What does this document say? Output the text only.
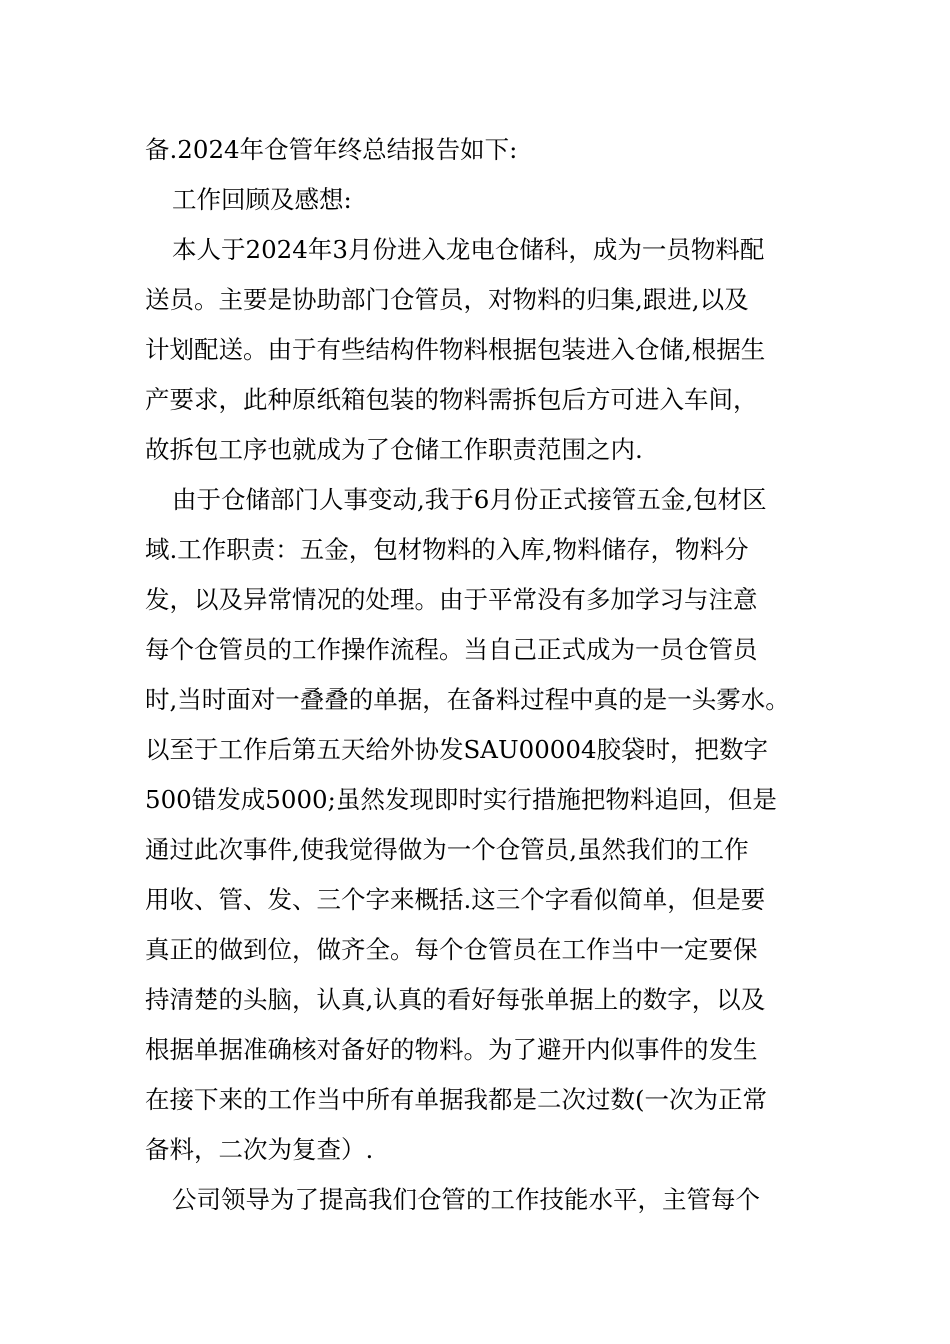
备.2024年仓管年终总结报告如下:
工作回顾及感想:
本人于2024年3月份进入龙电仓储科，成为一员物料配
送员。主要是协助部门仓管员，对物料的归集,跟进,以及
计划配送。由于有些结构件物料根据包装进入仓储,根据生
产要求，此种原纸箱包装的物料需拆包后方可进入车间，
故拆包工序也就成为了仓储工作职责范围之内.
由于仓储部门人事变动,我于6月份正式接管五金,包材区
域.工作职责：五金，包材物料的入库,物料储存，物料分
发，以及异常情况的处理。由于平常没有多加学习与注意
每个仓管员的工作操作流程。当自己正式成为一员仓管员
时,当时面对一叠叠的单据，在备料过程中真的是一头雾水。
以至于工作后第五天给外协发SAU00004胶袋时，把数字
500错发成5000;虽然发现即时实行措施把物料追回，但是
通过此次事件,使我觉得做为一个仓管员,虽然我们的工作
用收、管、发、三个字来概括.这三个字看似简单，但是要
真正的做到位，做齐全。每个仓管员在工作当中一定要保
持清楚的头脑，认真,认真的看好每张单据上的数字，以及
根据单据准确核对备好的物料。为了避开内似事件的发生
在接下来的工作当中所有单据我都是二次过数(一次为正常
备料，二次为复查）.
公司领导为了提高我们仓管的工作技能水平，主管每个
